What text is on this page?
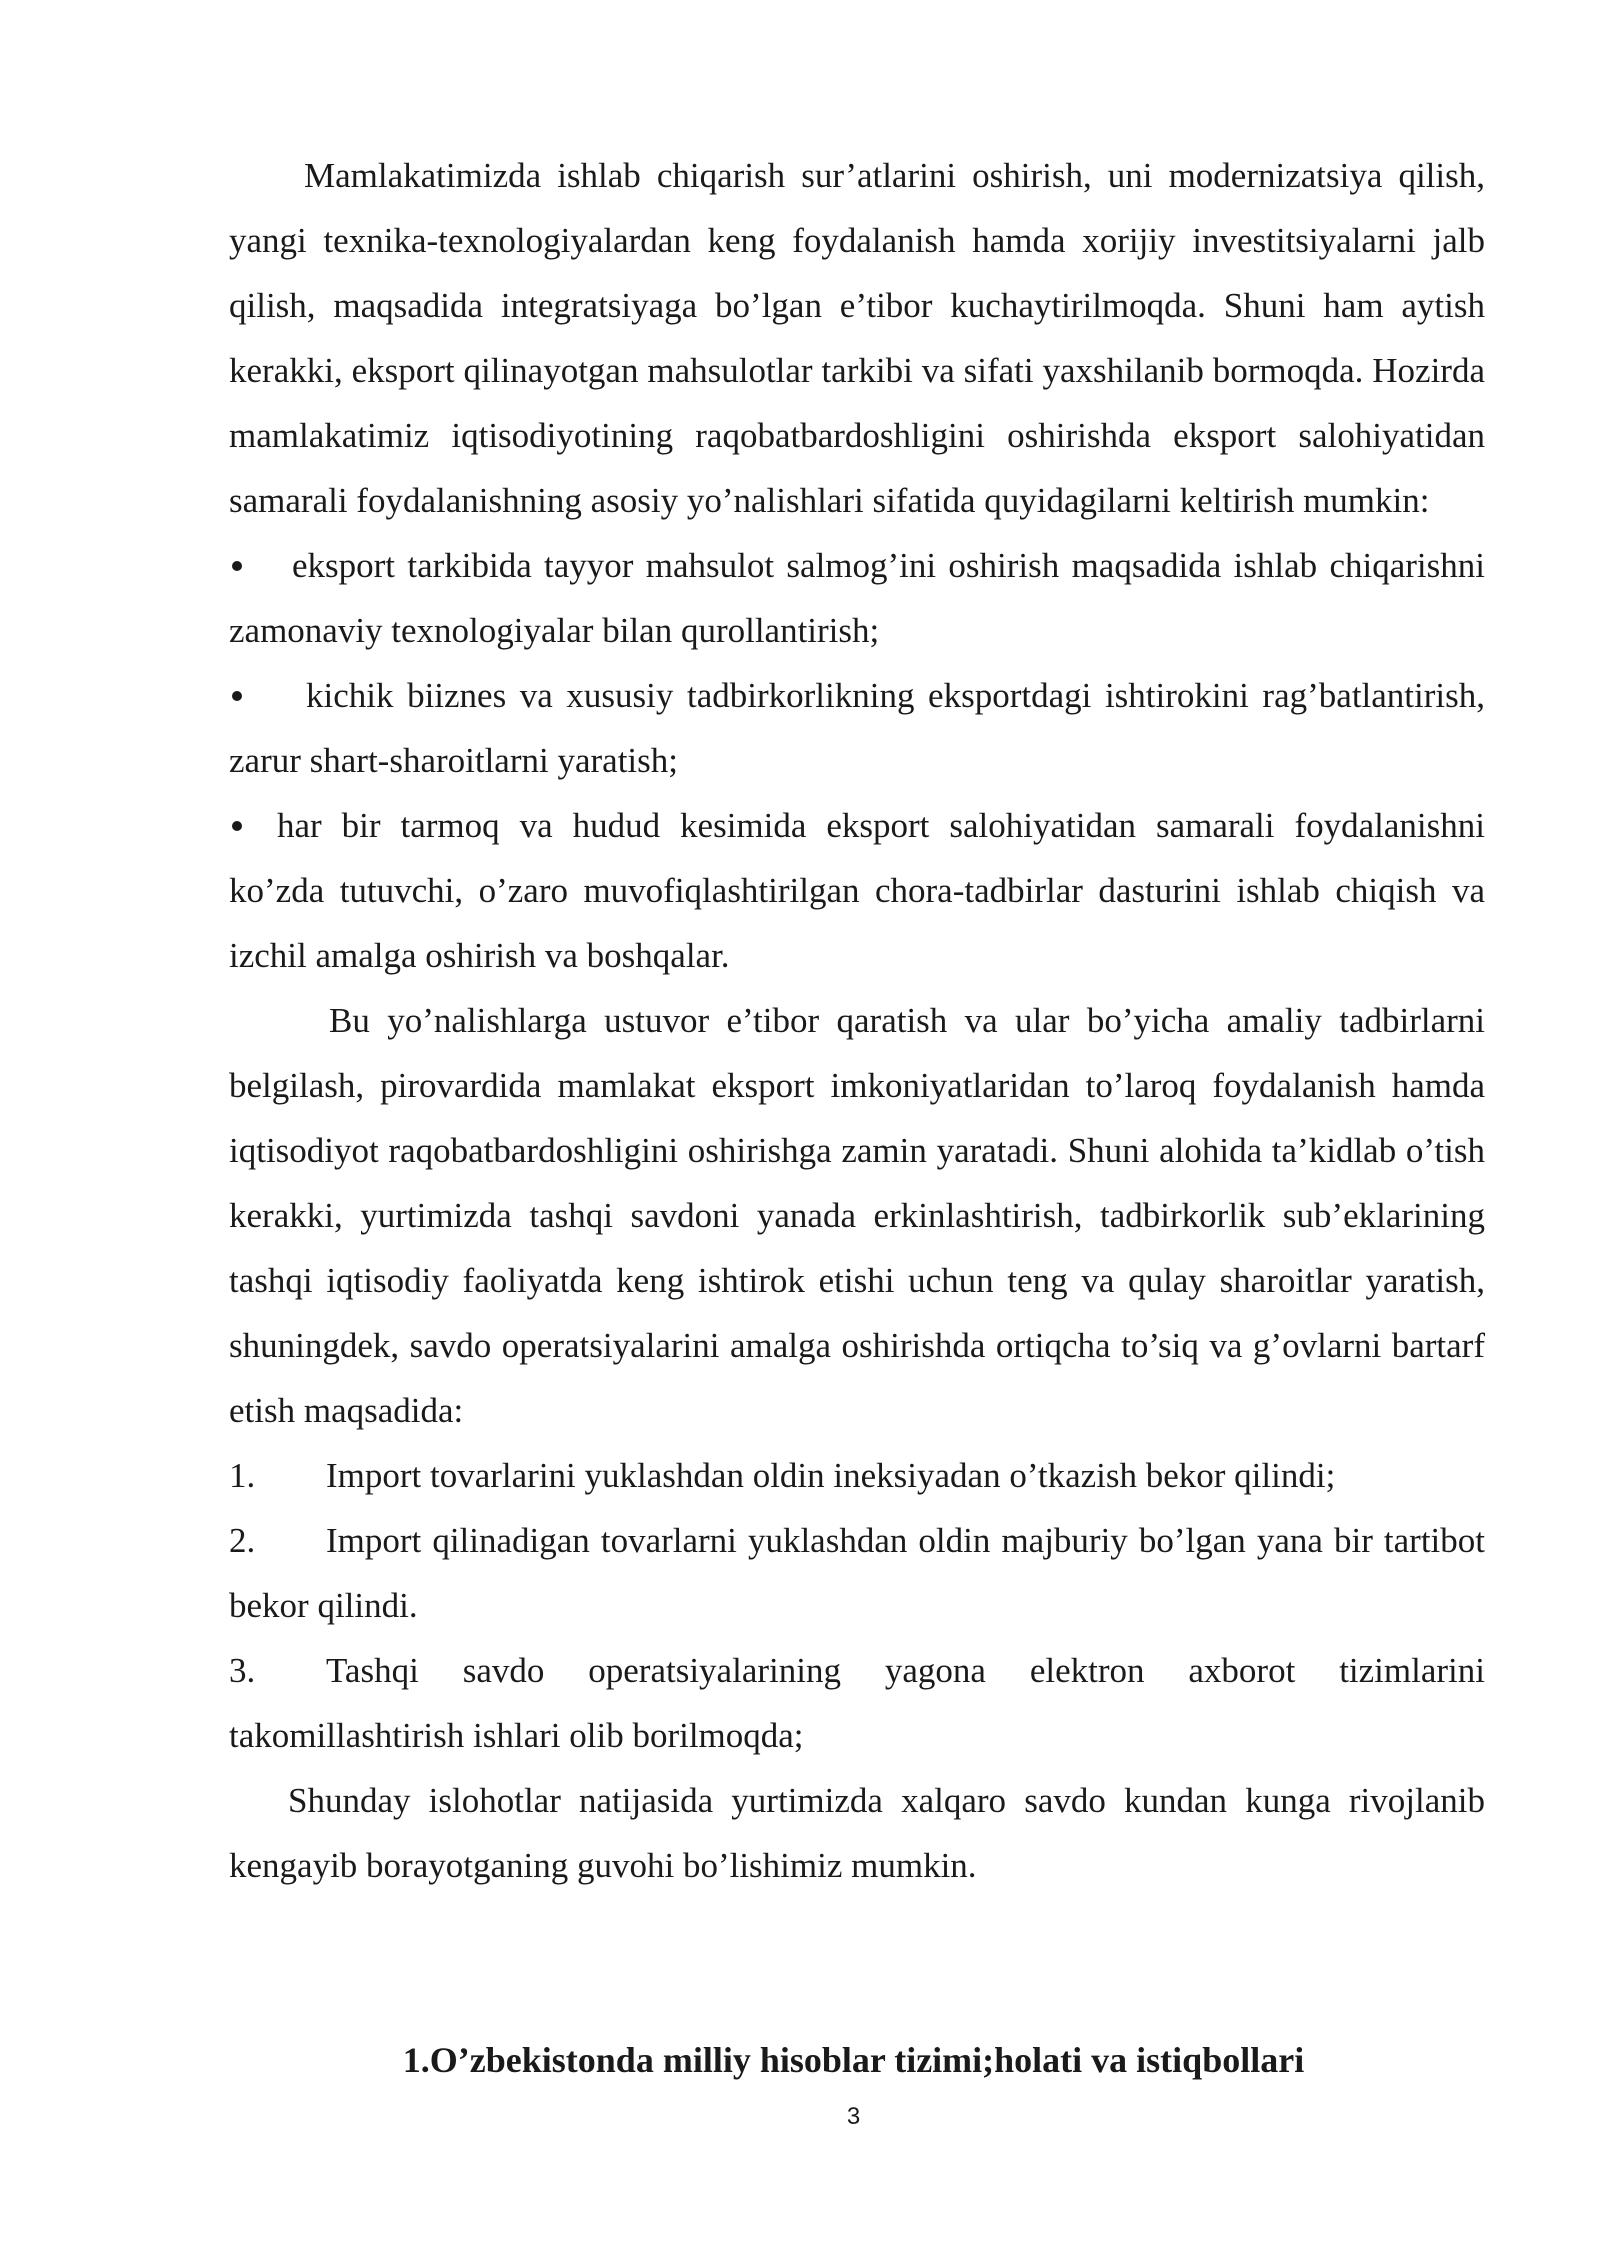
Mamlakatimizda ishlab chiqarish sur’atlarini oshirish, uni modernizatsiya qilish, yangi texnika-texnologiyalardan keng foydalanish hamda xorijiy investitsiyalarni jalb qilish, maqsadida integratsiyaga bo’lgan e’tibor kuchaytirilmoqda. Shuni ham aytish kerakki, eksport qilinayotgan mahsulotlar tarkibi va sifati yaxshilanib bormoqda. Hozirda mamlakatimiz iqtisodiyotining raqobatbardoshligini oshirishda eksport salohiyatidan samarali foydalanishning asosiy yo’nalishlari sifatida quyidagilarni keltirish mumkin:

eksport tarkibida tayyor mahsulot salmog’ini oshirish maqsadida ishlab chiqarishni zamonaviy texnologiyalar bilan qurollantirish;

kichik biiznes va xususiy tadbirkorlikning eksportdagi ishtirokini rag’batlantirish, zarur shart-sharoitlarni yaratish;

har bir tarmoq va hudud kesimida eksport salohiyatidan samarali foydalanishni ko’zda tutuvchi, o’zaro muvofiqlashtirilgan chora-tadbirlar dasturini ishlab chiqish va izchil amalga oshirish va boshqalar.

Bu yo’nalishlarga ustuvor e’tibor qaratish va ular bo’yicha amaliy tadbirlarni belgilash, pirovardida mamlakat eksport imkoniyatlaridan to’laroq foydalanish hamda iqtisodiyot raqobatbardoshligini oshirishga zamin yaratadi. Shuni alohida ta’kidlab o’tish kerakki, yurtimizda tashqi savdoni yanada erkinlashtirish, tadbirkorlik sub’eklarining tashqi iqtisodiy faoliyatda keng ishtirok etishi uchun teng va qulay sharoitlar yaratish, shuningdek, savdo operatsiyalarini amalga oshirishda ortiqcha to’siq va g’ovlarni bartarf etish maqsadida:

1. Import tovarlarini yuklashdan oldin ineksiyadan o’tkazish bekor qilindi;

2. Import qilinadigan tovarlarni yuklashdan oldin majburiy bo’lgan yana bir tartibot bekor qilindi.

3. Tashqi savdo operatsiyalarining yagona elektron axborot tizimlarini takomillashtirish ishlari olib borilmoqda;

Shunday islohotlar natijasida yurtimizda xalqaro savdo kundan kunga rivojlanib kengayib borayotganing guvohi bo’lishimiz mumkin.

1.O’zbekistonda milliy hisoblar tizimi;holati va istiqbollari
3
